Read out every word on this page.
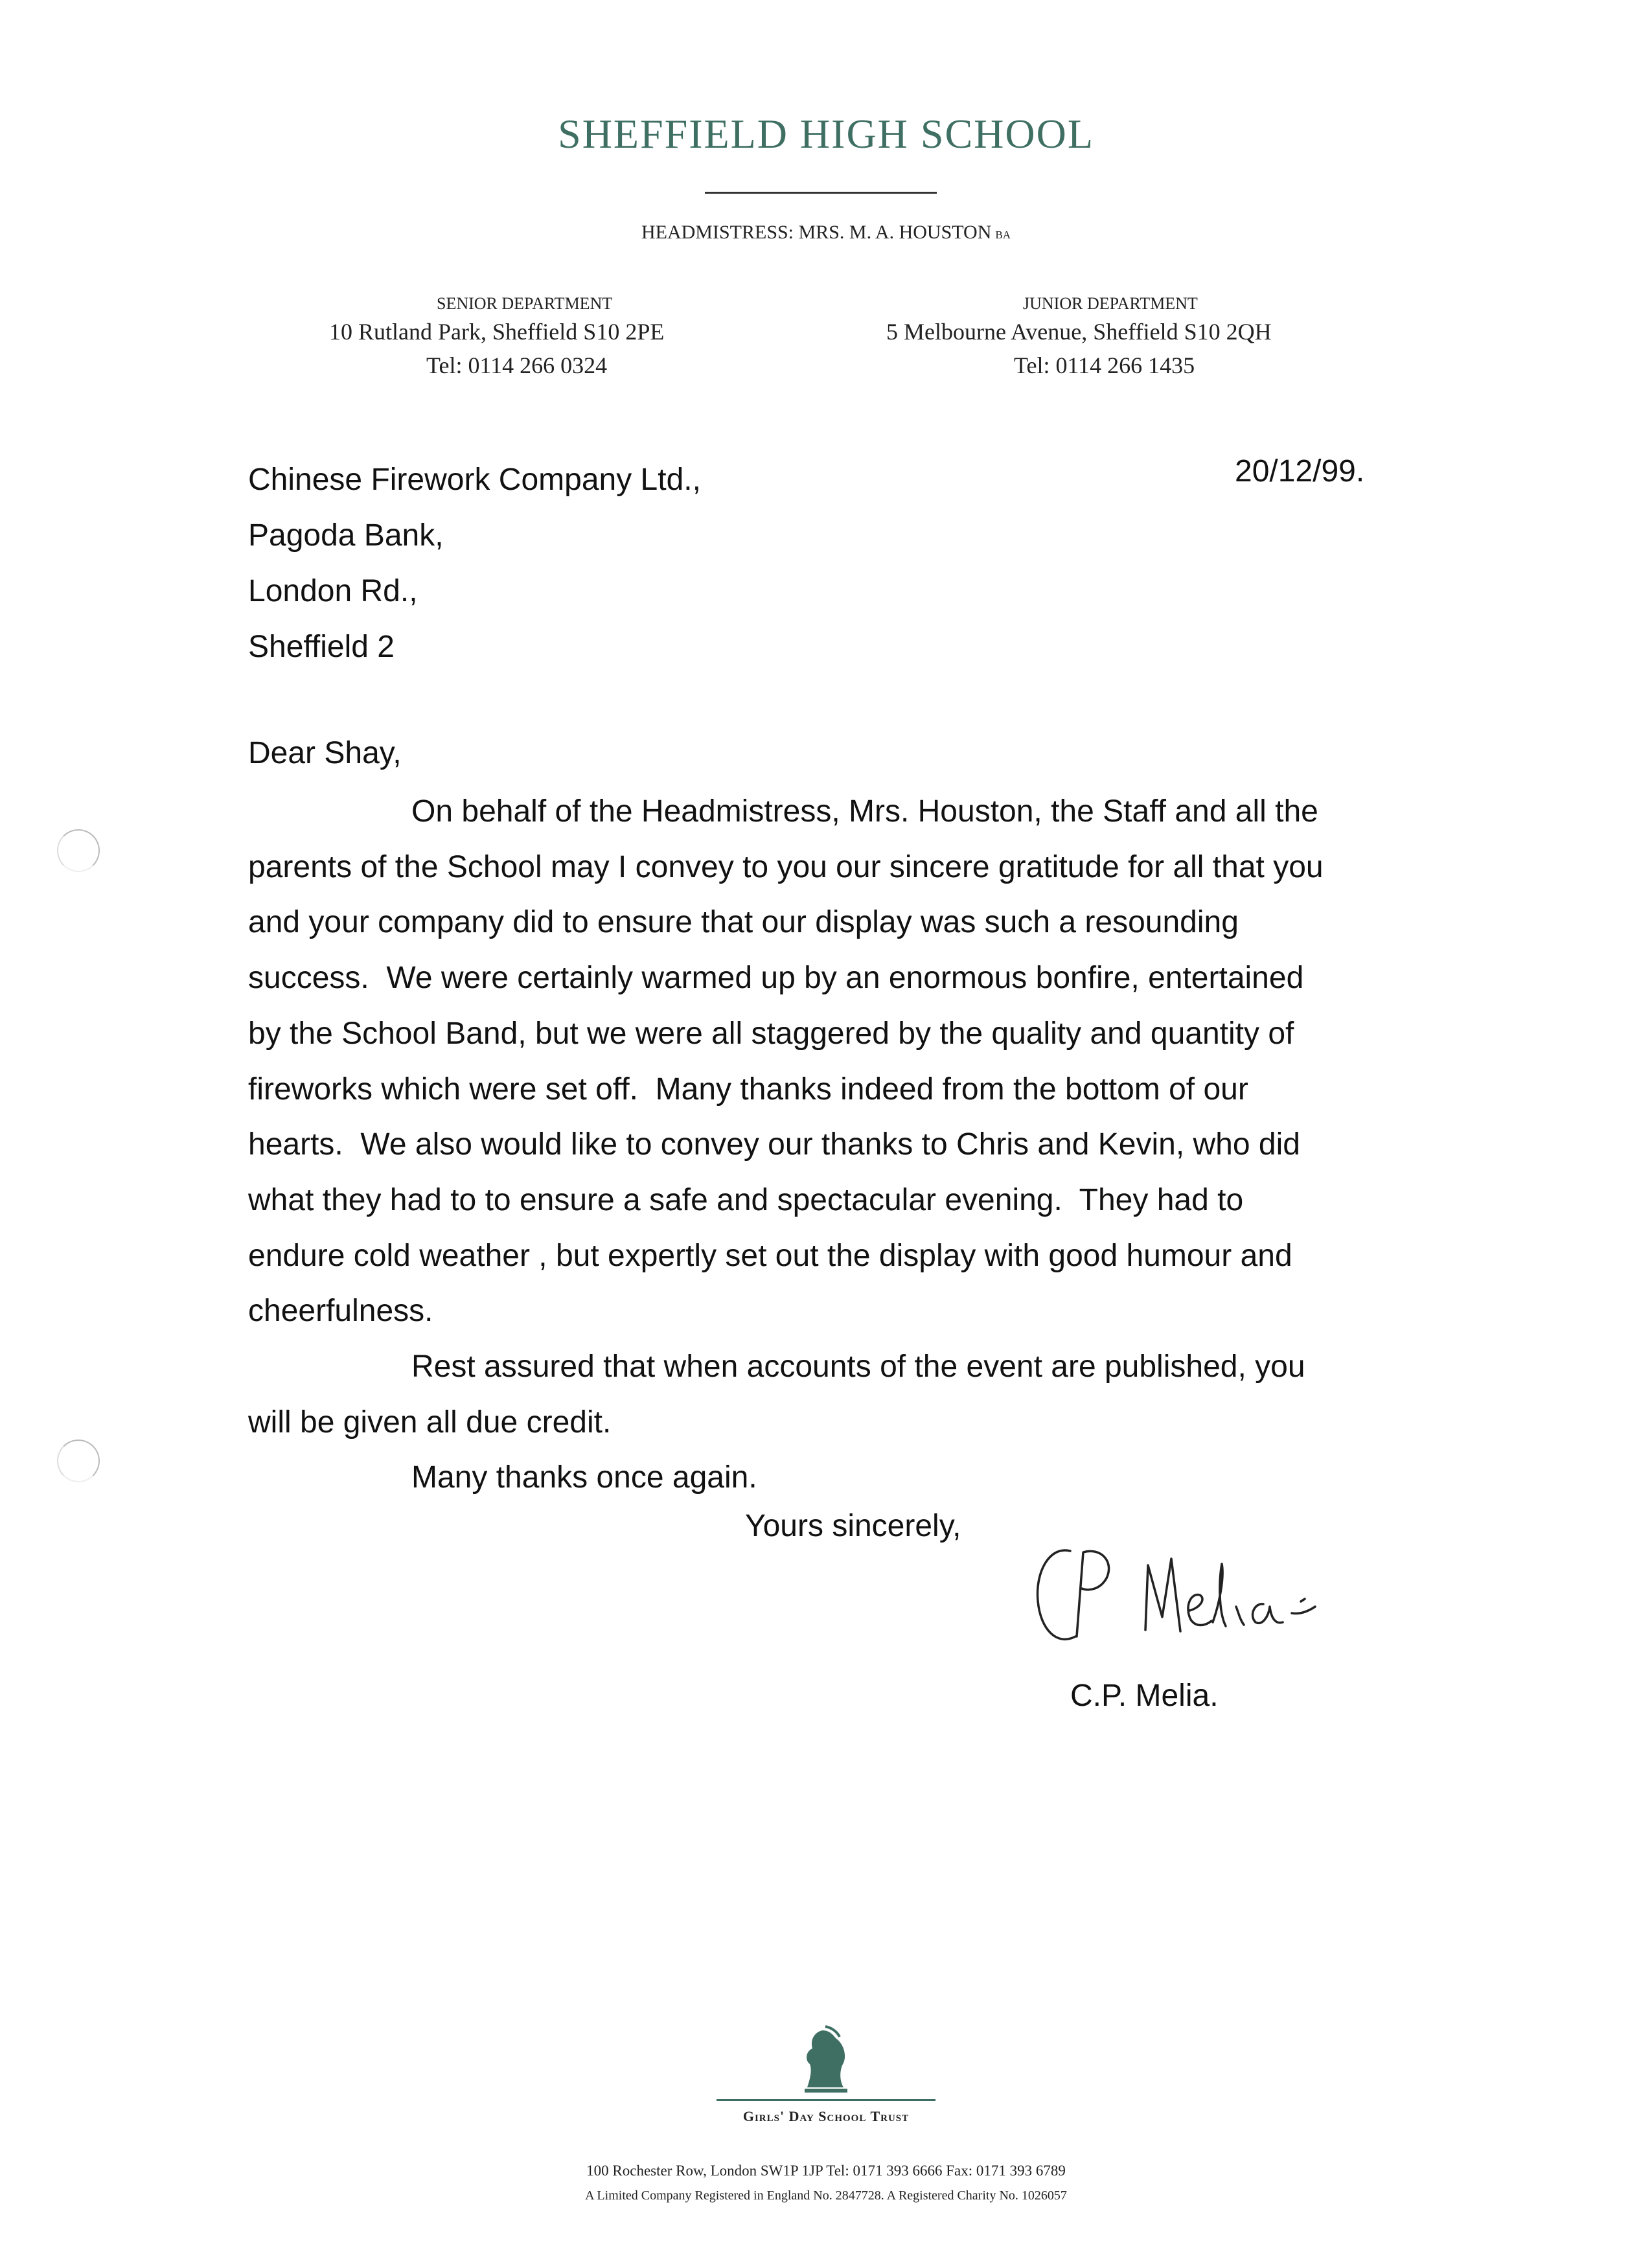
SHEFFIELD HIGH SCHOOL
HEADMISTRESS: MRS. M. A. HOUSTON BA
SENIOR DEPARTMENT
10 Rutland Park, Sheffield S10 2PE
Tel: 0114 266 0324
JUNIOR DEPARTMENT
5 Melbourne Avenue, Sheffield S10 2QH
Tel: 0114 266 1435
Chinese Firework Company Ltd.,
Pagoda Bank,
London Rd.,
Sheffield 2
20/12/99.
Dear Shay,
On behalf of the Headmistress, Mrs. Houston, the Staff and all the
parents of the School may I convey to you our sincere gratitude for all that you
and your company did to ensure that our display was such a resounding
success.  We were certainly warmed up by an enormous bonfire, entertained
by the School Band, but we were all staggered by the quality and quantity of
fireworks which were set off.  Many thanks indeed from the bottom of our
hearts.  We also would like to convey our thanks to Chris and Kevin, who did
what they had to to ensure a safe and spectacular evening.  They had to
endure cold weather , but expertly set out the display with good humour and
cheerfulness.
Rest assured that when accounts of the event are published, you
will be given all due credit.
Many thanks once again.
Yours sincerely,
C.P. Melia.
Girls' Day School Trust
100 Rochester Row, London SW1P 1JP Tel: 0171 393 6666 Fax: 0171 393 6789
A Limited Company Registered in England No. 2847728. A Registered Charity No. 1026057
